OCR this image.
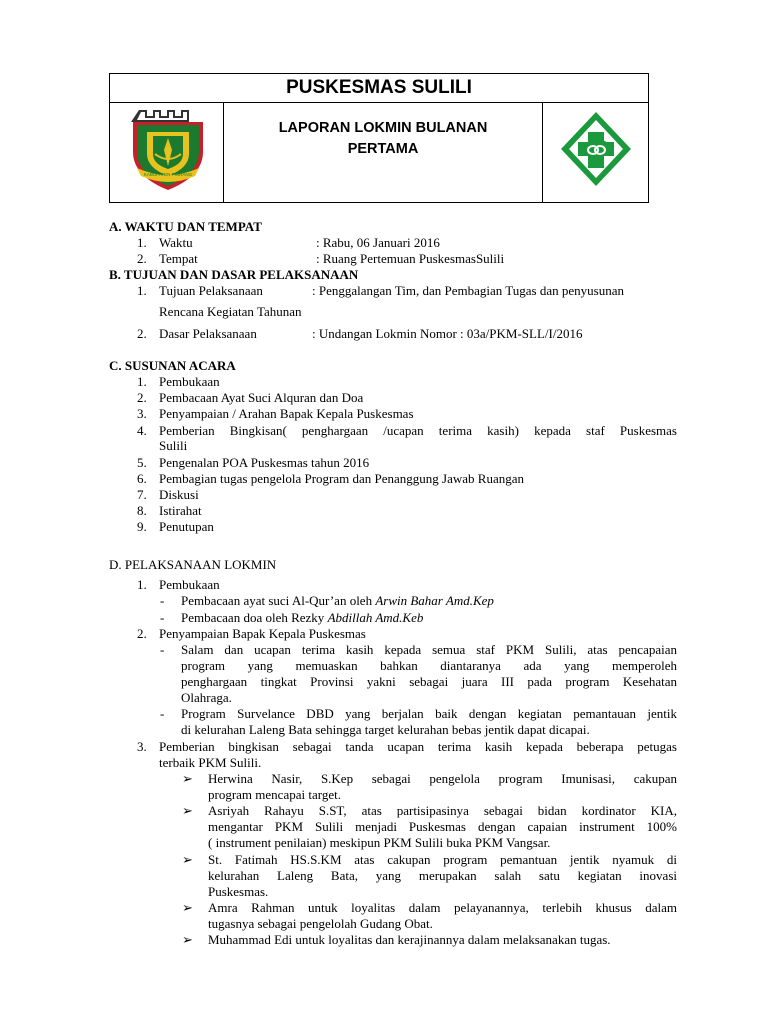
PUSKESMAS SULILI
LAPORAN LOKMIN BULANAN
PERTAMA
KABUPATEN PINRANG
A. WAKTU DAN TEMPAT
1. Waktu	: Rabu, 06 Januari 2016
2. Tempat	: Ruang Pertemuan PuskesmasSulili
B. TUJUAN DAN DASAR PELAKSANAAN
1. Tujuan Pelaksanaan	: Penggalangan Tim, dan Pembagian Tugas dan penyusunan
Rencana Kegiatan Tahunan
2. Dasar Pelaksanaan	: Undangan Lokmin Nomor : 03a/PKM-SLL/I/2016
C. SUSUNAN ACARA
1. Pembukaan
2. Pembacaan Ayat Suci Alquran dan Doa
3. Penyampaian / Arahan Bapak Kepala Puskesmas
4. Pemberian Bingkisan( penghargaan /ucapan terima kasih) kepada staf Puskesmas
Sulili
5. Pengenalan POA Puskesmas tahun 2016
6. Pembagian tugas pengelola Program dan Penanggung Jawab Ruangan
7. Diskusi
8. Istirahat
9. Penutupan
D. PELAKSANAAN LOKMIN
1. Pembukaan
- Pembacaan ayat suci Al-Qur’an oleh Arwin Bahar Amd.Kep
- Pembacaan doa oleh Rezky Abdillah Amd.Keb
2. Penyampaian Bapak Kepala Puskesmas
- Salam dan ucapan terima kasih kepada semua staf PKM Sulili, atas pencapaian
program yang memuaskan bahkan diantaranya ada yang memperoleh
penghargaan tingkat Provinsi yakni sebagai juara III pada program Kesehatan
Olahraga.
- Program Survelance DBD yang berjalan baik dengan kegiatan pemantauan jentik
di kelurahan Laleng Bata sehingga target kelurahan bebas jentik dapat dicapai.
3. Pemberian bingkisan sebagai tanda ucapan terima kasih kepada beberapa petugas
terbaik PKM Sulili.
➢ Herwina Nasir, S.Kep sebagai pengelola program Imunisasi, cakupan
program mencapai target.
➢ Asriyah Rahayu S.ST, atas partisipasinya sebagai bidan kordinator KIA,
mengantar PKM Sulili menjadi Puskesmas dengan capaian instrument 100%
( instrument penilaian) meskipun PKM Sulili buka PKM Vangsar.
➢ St. Fatimah HS.S.KM atas cakupan program pemantuan jentik nyamuk di
kelurahan Laleng Bata, yang merupakan salah satu kegiatan inovasi
Puskesmas.
➢ Amra Rahman untuk loyalitas dalam pelayanannya, terlebih khusus dalam
tugasnya sebagai pengelolah Gudang Obat.
➢ Muhammad Edi untuk loyalitas dan kerajinannya dalam melaksanakan tugas.
